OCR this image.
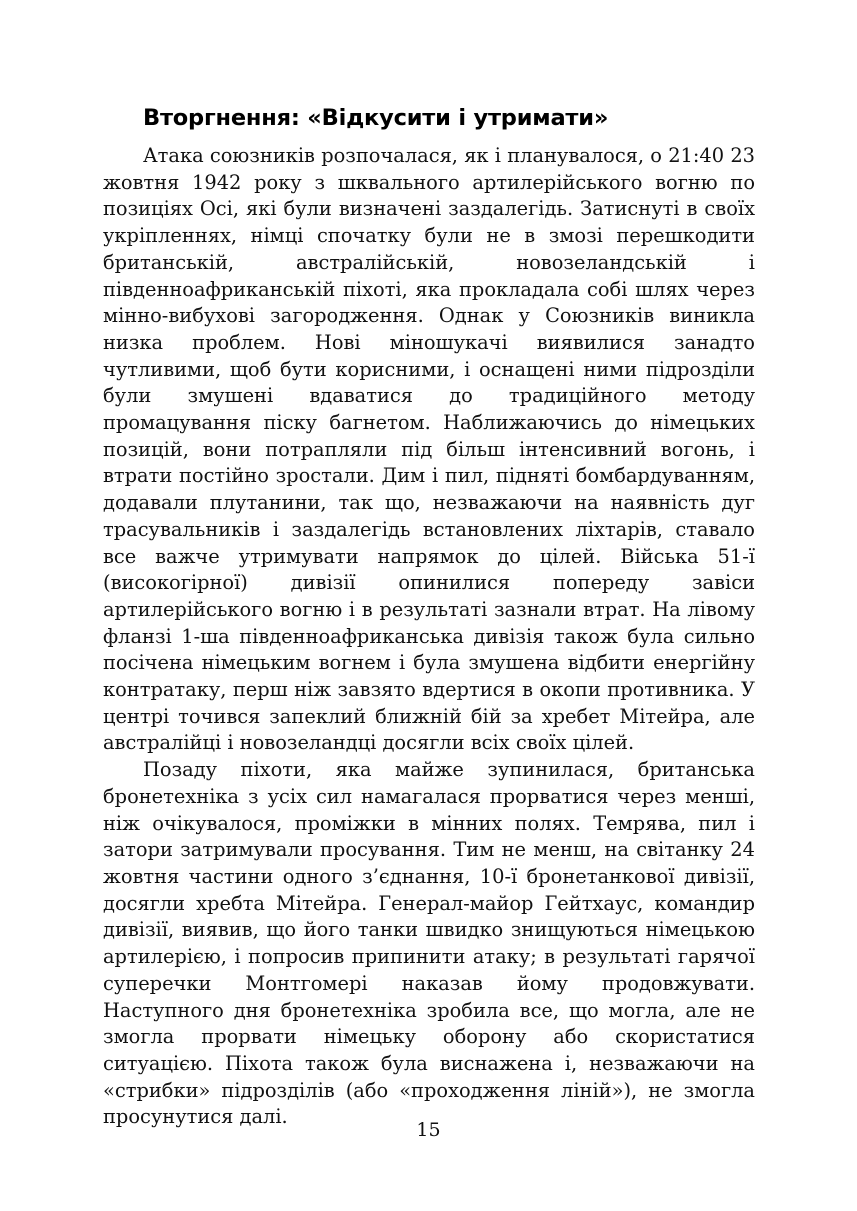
Вторгнення: «Відкусити і утримати»

Атака союзників розпочалася, як і планувалося, о 21:40 23 жовтня 1942 року з шквального артилерійського вогню по позиціях Осі, які були визначені заздалегідь. Затиснуті в своїх укріпленнях, німці спочатку були не в змозі перешкодити британській, австралійській, новозеландській і південноафриканській піхоті, яка прокладала собі шлях через мінно-вибухові загородження. Однак у Союзників виникла низка проблем. Нові міношукачі виявилися занадто чутливими, щоб бути корисними, і оснащені ними підрозділи були змушені вдаватися до традиційного методу промацування піску багнетом. Наближаючись до німецьких позицій, вони потрапляли під більш інтенсивний вогонь, і втрати постійно зростали. Дим і пил, підняті бомбардуванням, додавали плутанини, так що, незважаючи на наявність дуг трасувальників і заздалегідь встановлених ліхтарів, ставало все важче утримувати напрямок до цілей. Війська 51-ї (високогірної) дивізії опинилися попереду завіси артилерійського вогню і в результаті зазнали втрат. На лівому фланзі 1-ша південноафриканська дивізія також була сильно посічена німецьким вогнем і була змушена відбити енергійну контратаку, перш ніж завзято вдертися в окопи противника. У центрі точився запеклий ближній бій за хребет Мітейра, але австралійці і новозеландці досягли всіх своїх цілей.

Позаду піхоти, яка майже зупинилася, британська бронетехніка з усіх сил намагалася прорватися через менші, ніж очікувалося, проміжки в мінних полях. Темрява, пил і затори затримували просування. Тим не менш, на світанку 24 жовтня частини одного з’єднання, 10-ї бронетанкової дивізії, досягли хребта Мітейра. Генерал-майор Гейтхаус, командир дивізії, виявив, що його танки швидко знищуються німецькою артилерією, і попросив припинити атаку; в результаті гарячої суперечки Монтгомері наказав йому продовжувати. Наступного дня бронетехніка зробила все, що могла, але не змогла прорвати німецьку оборону або скористатися ситуацією. Піхота також була виснажена і, незважаючи на «стрибки» підрозділів (або «проходження ліній»), не змогла просунутися далі.

15
